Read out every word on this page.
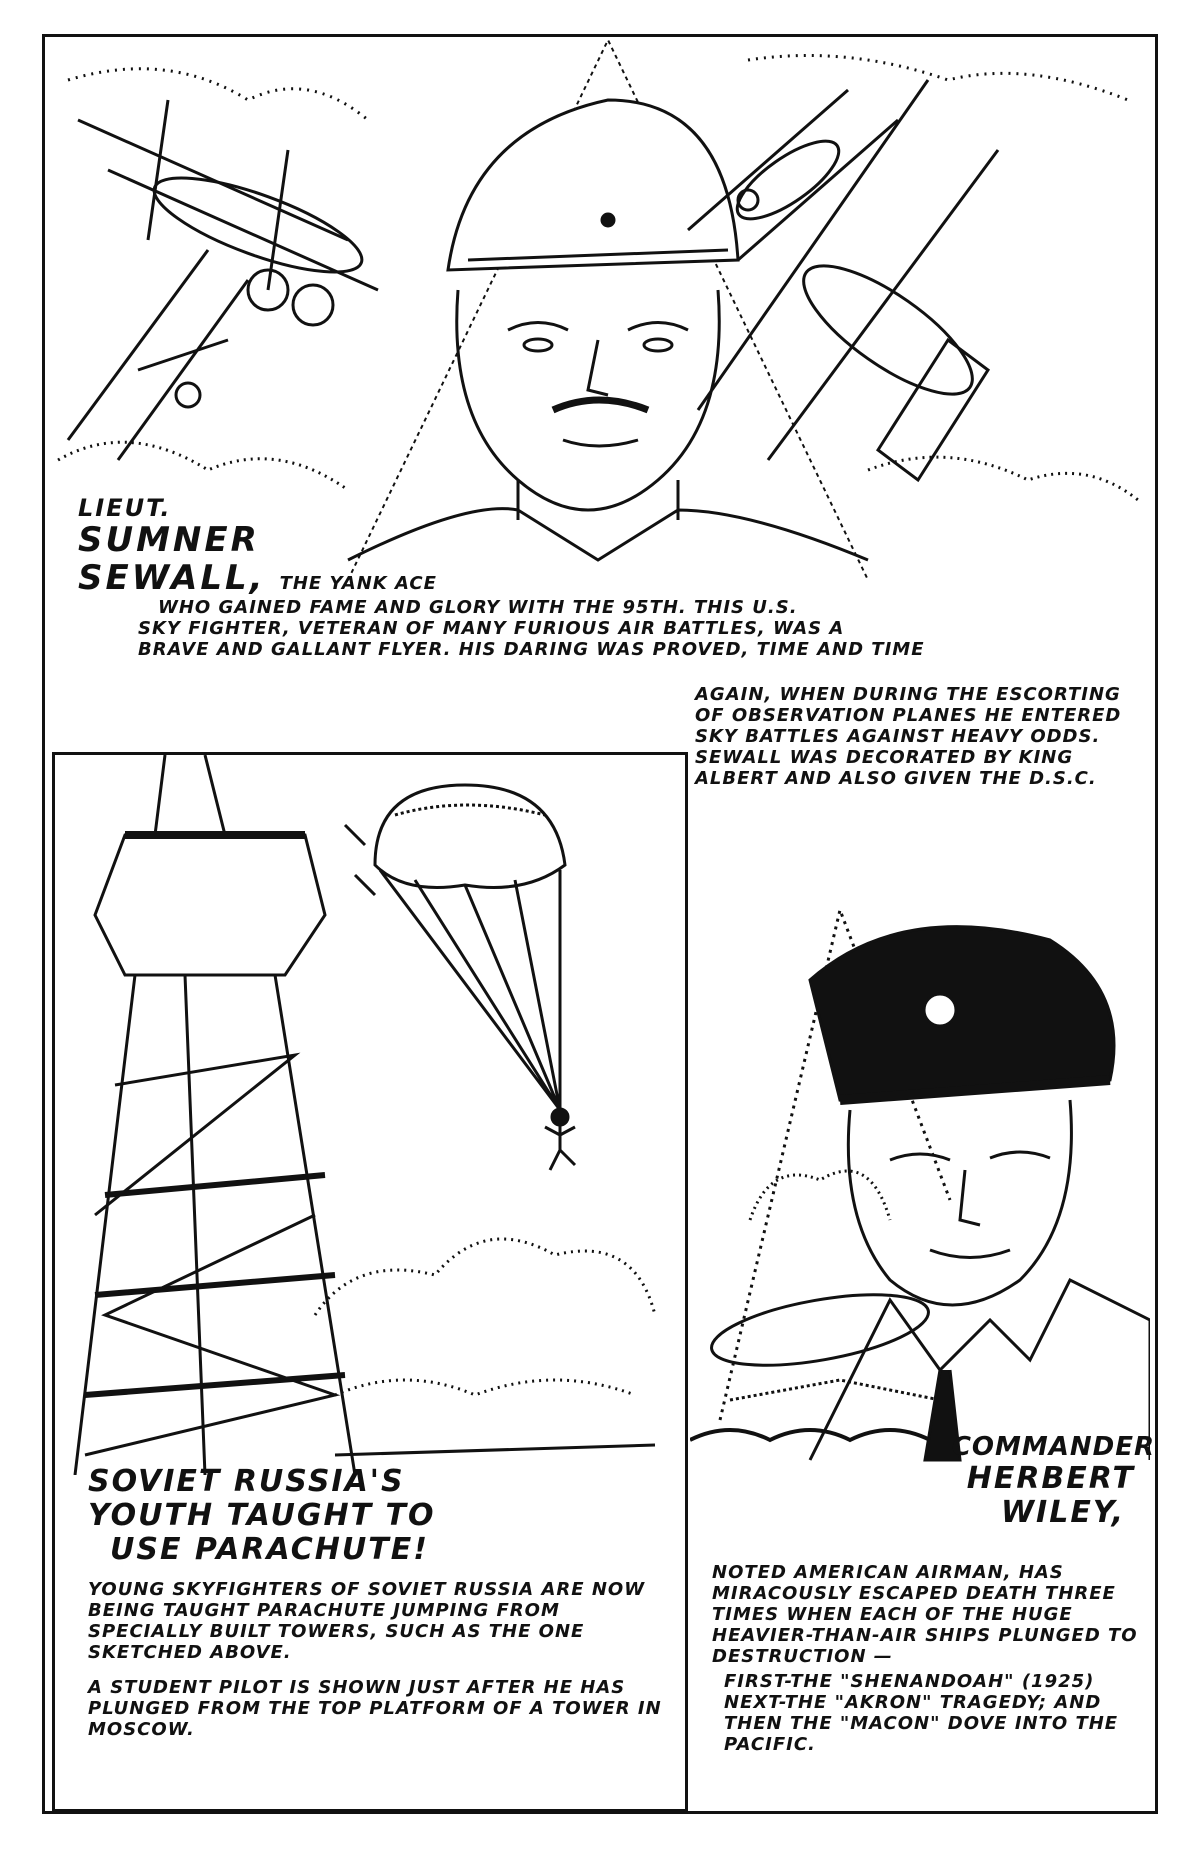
LIEUT.
SUMNER
SEWALL, THE YANK ACE
WHO GAINED FAME AND GLORY WITH THE 95TH. THIS U.S.
SKY FIGHTER, VETERAN OF MANY FURIOUS AIR BATTLES, WAS A
BRAVE AND GALLANT FLYER. HIS DARING WAS PROVED, TIME AND TIME
AGAIN, WHEN DURING THE ESCORTING OF OBSERVATION PLANES HE ENTERED SKY BATTLES AGAINST HEAVY ODDS. SEWALL WAS DECORATED BY KING ALBERT AND ALSO GIVEN THE D.S.C.
SOVIET RUSSIA'S
YOUTH TAUGHT TO
USE PARACHUTE!

YOUNG SKYFIGHTERS OF SOVIET RUSSIA ARE NOW BEING TAUGHT PARACHUTE JUMPING FROM SPECIALLY BUILT TOWERS, SUCH AS THE ONE SKETCHED ABOVE.

A STUDENT PILOT IS SHOWN JUST AFTER HE HAS PLUNGED FROM THE TOP PLATFORM OF A TOWER IN MOSCOW.

COMMANDER
HERBERT
WILEY,

NOTED AMERICAN AIRMAN, HAS MIRACOUSLY ESCAPED DEATH THREE TIMES WHEN EACH OF THE HUGE HEAVIER-THAN-AIR SHIPS PLUNGED TO DESTRUCTION —

FIRST-THE "SHENANDOAH" (1925) NEXT-THE "AKRON" TRAGEDY; AND THEN THE "MACON" DOVE INTO THE PACIFIC.
